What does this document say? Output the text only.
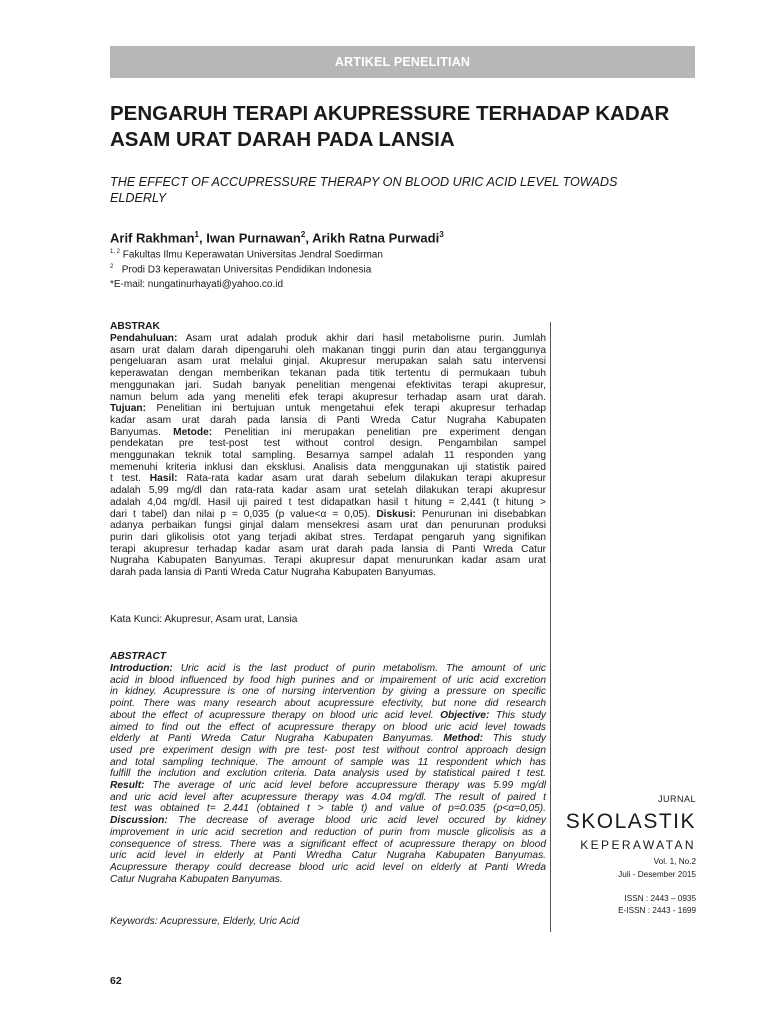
ARTIKEL PENELITIAN
PENGARUH TERAPI AKUPRESSURE TERHADAP KADAR
ASAM URAT DARAH PADA LANSIA

THE EFFECT OF ACCUPRESSURE THERAPY ON BLOOD URIC ACID LEVEL TOWADS
ELDERLY

Arif Rakhman$^1$, Iwan Purnawan$^2$, Arikh Ratna Purwadi$^3$

$^{1, 2}$ Fakultas Ilmu Keperawatan Universitas Jendral Soedirman

$^2$ Prodi D3 keperawatan Universitas Pendidikan Indonesia

*E-mail: nungatinurhayati@yahoo.co.id

ABSTRAK

Pendahuluan: Asam urat adalah produk akhir dari hasil metabolisme purin. Jumlah
asam urat dalam darah dipengaruhi oleh makanan tinggi purin dan atau terganggunya
pengeluaran asam urat melalui ginjal. Akupresur merupakan salah satu intervensi
keperawatan dengan memberikan tekanan pada titik tertentu di permukaan tubuh
menggunakan jari. Sudah banyak penelitian mengenai efektivitas terapi akupresur,
namun belum ada yang meneliti efek terapi akupresur terhadap asam urat darah.
Tujuan: Penelitian ini bertujuan untuk mengetahui efek terapi akupresur terhadap
kadar asam urat darah pada lansia di Panti Wreda Catur Nugraha Kabupaten
Banyumas. Metode: Penelitian ini merupakan penelitian pre experiment dengan
pendekatan pre test-post test without control design. Pengambilan sampel
menggunakan teknik total sampling. Besarnya sampel adalah 11 responden yang
memenuhi kriteria inklusi dan eksklusi. Analisis data menggunakan uji statistik paired
t test. Hasil: Rata-rata kadar asam urat darah sebelum dilakukan terapi akupresur
adalah 5,99 mg/dl dan rata-rata kadar asam urat setelah dilakukan terapi akupresur
adalah 4,04 mg/dl. Hasil uji paired t test didapatkan hasil t hitung = 2,441 (t hitung >
dari t tabel) dan nilai p = 0,035 (p value<α = 0,05). Diskusi: Penurunan ini disebabkan
adanya perbaikan fungsi ginjal dalam mensekresi asam urat dan penurunan produksi
purin dari glikolisis otot yang terjadi akibat stres. Terdapat pengaruh yang signifikan
terapi akupresur terhadap kadar asam urat darah pada lansia di Panti Wreda Catur
Nugraha Kabupaten Banyumas. Terapi akupresur dapat menurunkan kadar asam urat
darah pada lansia di Panti Wreda Catur Nugraha Kabupaten Banyumas.

Kata Kunci: Akupresur, Asam urat, Lansia

ABSTRACT

Introduction: Uric acid is the last product of purin metabolism. The amount of uric
acid in blood influenced by food high purines and or impairement of uric acid excretion
in kidney. Acupressure is one of nursing intervention by giving a pressure on specific
point. There was many research about acupressure efectivity, but none did research
about the effect of acupressure therapy on blood uric acid level. Objective: This study
aimed to find out the effect of acupressure therapy on blood uric acid level towads
elderly at Panti Wreda Catur Nugraha Kabupaten Banyumas. Method: This study
used pre experiment design with pre test- post test without control approach design
and total sampling technique. The amount of sample was 11 respondent which has
fulfill the inclution and exclution criteria. Data analysis used by statistical paired t test.
Result: The average of uric acid level before accupressure therapy was 5.99 mg/dl
and uric acid level after acupressure therapy was 4.04 mg/dl. The result of paired t
test was obtained t= 2.441 (obtained t > table t) and value of p=0.035 (p<α=0,05).
Discussion: The decrease of average blood uric acid level occured by kidney
improvement in uric acid secretion and reduction of purin from muscle glicolisis as a
consequence of stress. There was a significant effect of acupressure therapy on blood
uric acid level in elderly at Panti Wredha Catur Nugraha Kabupaten Banyumas.
Acupressure therapy could decrease blood uric acid level on elderly at Panti Wreda
Catur Nugraha Kabupaten Banyumas.

Keywords: Acupressure, Elderly, Uric Acid

JURNAL

SKOLASTIK

KEPERAWATAN

Vol. 1, No.2

Juli - Desember 2015

ISSN : 2443 – 0935

E-ISSN : 2443 - 1699

62
